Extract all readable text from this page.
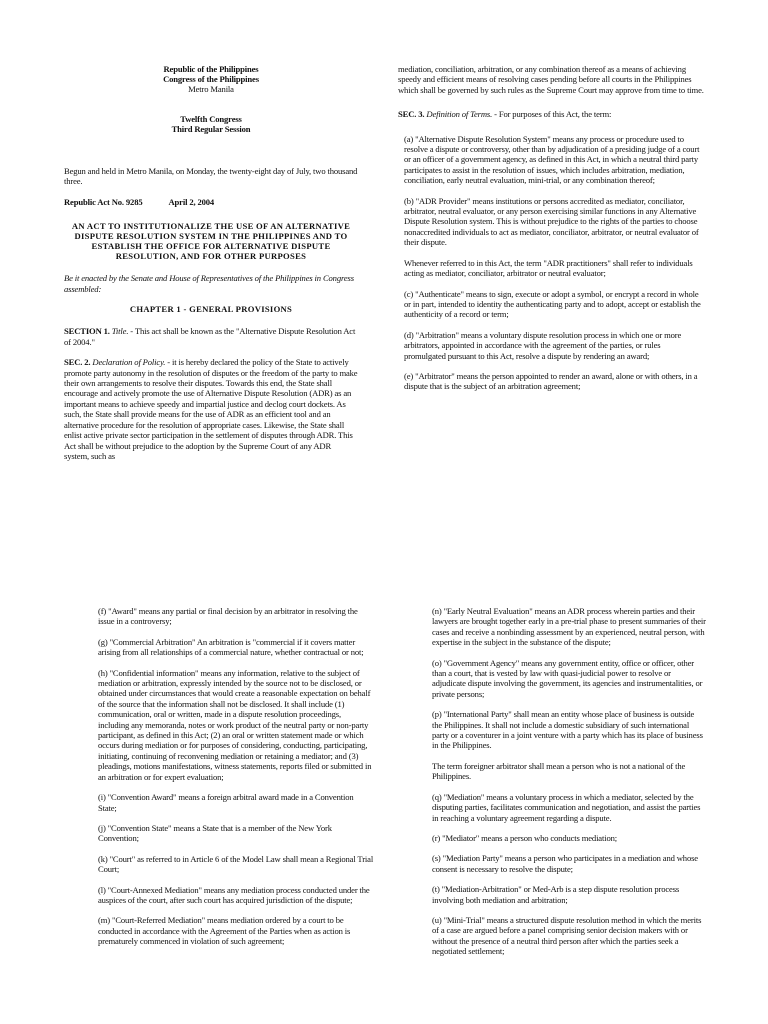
Republic of the Philippines
Congress of the Philippines
Metro Manila
Twelfth Congress
Third Regular Session

Begun and held in Metro Manila, on Monday, the twenty-eight day of July, two thousand three.

Republic Act No. 9285	April 2, 2004

AN ACT TO INSTITUTIONALIZE THE USE OF AN ALTERNATIVE DISPUTE RESOLUTION SYSTEM IN THE PHILIPPINES AND TO ESTABLISH THE OFFICE FOR ALTERNATIVE DISPUTE RESOLUTION, AND FOR OTHER PURPOSES

Be it enacted by the Senate and House of Representatives of the Philippines in Congress assembled:

CHAPTER 1 - GENERAL PROVISIONS

SECTION 1. Title. - This act shall be known as the "Alternative Dispute Resolution Act of 2004."

SEC. 2. Declaration of Policy. - it is hereby declared the policy of the State to actively promote party autonomy in the resolution of disputes or the freedom of the party to make their own arrangements to resolve their disputes. Towards this end, the State shall encourage and actively promote the use of Alternative Dispute Resolution (ADR) as an important means to achieve speedy and impartial justice and declog court dockets. As such, the State shall provide means for the use of ADR as an efficient tool and an alternative procedure for the resolution of appropriate cases. Likewise, the State shall enlist active private sector participation in the settlement of disputes through ADR. This Act shall be without prejudice to the adoption by the Supreme Court of any ADR system, such as

mediation, conciliation, arbitration, or any combination thereof as a means of achieving speedy and efficient means of resolving cases pending before all courts in the Philippines which shall be governed by such rules as the Supreme Court may approve from time to time.

SEC. 3. Definition of Terms. - For purposes of this Act, the term:

(a) "Alternative Dispute Resolution System" means any process or procedure used to resolve a dispute or controversy, other than by adjudication of a presiding judge of a court or an officer of a government agency, as defined in this Act, in which a neutral third party participates to assist in the resolution of issues, which includes arbitration, mediation, conciliation, early neutral evaluation, mini-trial, or any combination thereof;

(b) "ADR Provider" means institutions or persons accredited as mediator, conciliator, arbitrator, neutral evaluator, or any person exercising similar functions in any Alternative Dispute Resolution system. This is without prejudice to the rights of the parties to choose nonaccredited individuals to act as mediator, conciliator, arbitrator, or neutral evaluator of their dispute.

Whenever referred to in this Act, the term "ADR practitioners" shall refer to individuals acting as mediator, conciliator, arbitrator or neutral evaluator;

(c) "Authenticate" means to sign, execute or adopt a symbol, or encrypt a record in whole or in part, intended to identity the authenticating party and to adopt, accept or establish the authenticity of a record or term;

(d) "Arbitration" means a voluntary dispute resolution process in which one or more arbitrators, appointed in accordance with the agreement of the parties, or rules promulgated pursuant to this Act, resolve a dispute by rendering an award;

(e) "Arbitrator" means the person appointed to render an award, alone or with others, in a dispute that is the subject of an arbitration agreement;

(f) "Award" means any partial or final decision by an arbitrator in resolving the issue in a controversy;

(g) "Commercial Arbitration" An arbitration is "commercial if it covers matter arising from all relationships of a commercial nature, whether contractual or not;

(h) "Confidential information" means any information, relative to the subject of mediation or arbitration, expressly intended by the source not to be disclosed, or obtained under circumstances that would create a reasonable expectation on behalf of the source that the information shall not be disclosed. It shall include (1) communication, oral or written, made in a dispute resolution proceedings, including any memoranda, notes or work product of the neutral party or non-party participant, as defined in this Act; (2) an oral or written statement made or which occurs during mediation or for purposes of considering, conducting, participating, initiating, continuing of reconvening mediation or retaining a mediator; and (3) pleadings, motions manifestations, witness statements, reports filed or submitted in an arbitration or for expert evaluation;

(i) "Convention Award" means a foreign arbitral award made in a Convention State;

(j) "Convention State" means a State that is a member of the New York Convention;

(k) "Court" as referred to in Article 6 of the Model Law shall mean a Regional Trial Court;

(l) "Court-Annexed Mediation" means any mediation process conducted under the auspices of the court, after such court has acquired jurisdiction of the dispute;

(m) "Court-Referred Mediation" means mediation ordered by a court to be conducted in accordance with the Agreement of the Parties when as action is prematurely commenced in violation of such agreement;

(n) "Early Neutral Evaluation" means an ADR process wherein parties and their lawyers are brought together early in a pre-trial phase to present summaries of their cases and receive a nonbinding assessment by an experienced, neutral person, with expertise in the subject in the substance of the dispute;

(o) "Government Agency" means any government entity, office or officer, other than a court, that is vested by law with quasi-judicial power to resolve or adjudicate dispute involving the government, its agencies and instrumentalities, or private persons;

(p) "International Party" shall mean an entity whose place of business is outside the Philippines. It shall not include a domestic subsidiary of such international party or a coventurer in a joint venture with a party which has its place of business in the Philippines.

The term foreigner arbitrator shall mean a person who is not a national of the Philippines.

(q) "Mediation" means a voluntary process in which a mediator, selected by the disputing parties, facilitates communication and negotiation, and assist the parties in reaching a voluntary agreement regarding a dispute.

(r) "Mediator" means a person who conducts mediation;

(s) "Mediation Party" means a person who participates in a mediation and whose consent is necessary to resolve the dispute;

(t) "Mediation-Arbitration" or Med-Arb is a step dispute resolution process involving both mediation and arbitration;

(u) "Mini-Trial" means a structured dispute resolution method in which the merits of a case are argued before a panel comprising senior decision makers with or without the presence of a neutral third person after which the parties seek a negotiated settlement;
